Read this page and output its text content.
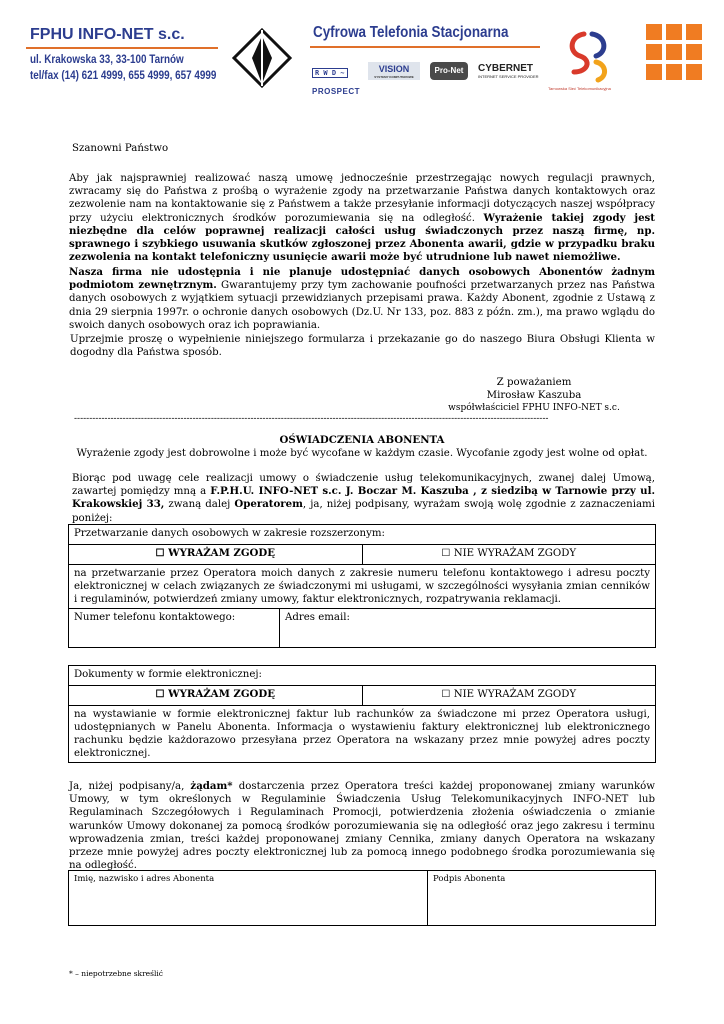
FPHU INFO-NET s.c.
ul. Krakowska 33, 33-100 Tarnów
tel/fax (14) 621 4999, 655 4999, 657 4999
Cyfrowa Telefonia Stacjonarna
R W D ~
PROSPECT
VISION
SYSTEMY KOMPUTEROWE
Pro-Net	CYBERNET
INTERNET SERVICE PROVIDER
Tarnowska Sieć Telekomunikacyjna
Szanowni Państwo
Aby jak najsprawniej realizować naszą umowę jednocześnie przestrzegając nowych regulacji prawnych, zwracamy się do Państwa z prośbą o wyrażenie zgody na przetwarzanie Państwa danych kontaktowych oraz zezwolenie nam na kontaktowanie się z Państwem a także przesyłanie informacji dotyczących naszej współpracy przy użyciu elektronicznych środków porozumiewania się na odległość. Wyrażenie takiej zgody jest niezbędne dla celów poprawnej realizacji całości usług świadczonych przez naszą firmę, np. sprawnego i szybkiego usuwania skutków zgłoszonej przez Abonenta awarii, gdzie w przypadku braku zezwolenia na kontakt telefoniczny usunięcie awarii może być utrudnione lub nawet niemożliwe.
Nasza firma nie udostępnia i nie planuje udostępniać danych osobowych Abonentów żadnym podmiotom zewnętrznym. Gwarantujemy przy tym zachowanie poufności przetwarzanych przez nas Państwa danych osobowych z wyjątkiem sytuacji przewidzianych przepisami prawa. Każdy Abonent, zgodnie z Ustawą z dnia 29 sierpnia 1997r. o ochronie danych osobowych (Dz.U. Nr 133, poz. 883 z późn. zm.), ma prawo wglądu do swoich danych osobowych oraz ich poprawiania.
Uprzejmie proszę o wypełnienie niniejszego formularza i przekazanie go do naszego Biura Obsługi Klienta w dogodny dla Państwa sposób.
Z poważaniem
Mirosław Kaszuba
współwłaściciel FPHU INFO-NET s.c.
------------------------------------------------------------------------------------------------------------------------------------------------------------
OŚWIADCZENIA ABONENTA
Wyrażenie zgody jest dobrowolne i może być wycofane w każdym czasie. Wycofanie zgody jest wolne od opłat.
Biorąc pod uwagę cele realizacji umowy o świadczenie usług telekomunikacyjnych, zwanej dalej Umową, zawartej pomiędzy mną a F.P.H.U. INFO-NET s.c. J. Boczar M. Kaszuba , z siedzibą w Tarnowie przy ul. Krakowskiej 33, zwaną dalej Operatorem, ja, niżej podpisany, wyrażam swoją wolę zgodnie z zaznaczeniami poniżej:
Przetwarzanie danych osobowych w zakresie rozszerzonym:
☐ WYRAŻAM ZGODĘ	☐ NIE WYRAŻAM ZGODY
na przetwarzanie przez Operatora moich danych z zakresie numeru telefonu kontaktowego i adresu poczty elektronicznej w celach związanych ze świadczonymi mi usługami, w szczególności wysyłania zmian cenników i regulaminów, potwierdzeń zmiany umowy, faktur elektronicznych, rozpatrywania reklamacji.

Numer telefonu kontaktowego:	Adres email:
Dokumenty w formie elektronicznej:
☐ WYRAŻAM ZGODĘ	☐ NIE WYRAŻAM ZGODY
na wystawianie w formie elektronicznej faktur lub rachunków za świadczone mi przez Operatora usługi, udostępnianych w Panelu Abonenta. Informacja o wystawieniu faktury elektronicznej lub elektronicznego rachunku będzie każdorazowo przesyłana przez Operatora na wskazany przez mnie powyżej adres poczty elektronicznej.
Ja, niżej podpisany/a, żądam* dostarczenia przez Operatora treści każdej proponowanej zmiany warunków Umowy, w tym określonych w Regulaminie Świadczenia Usług Telekomunikacyjnych INFO-NET lub Regulaminach Szczegółowych i Regulaminach Promocji, potwierdzenia złożenia oświadczenia o zmianie warunków Umowy dokonanej za pomocą środków porozumiewania się na odległość oraz jego zakresu i terminu wprowadzenia zmian, treści każdej proponowanej zmiany Cennika, zmiany danych Operatora na wskazany przeze mnie powyżej adres poczty elektronicznej lub za pomocą innego podobnego środka porozumiewania się na odległość.
Imię, nazwisko i adres Abonenta	Podpis Abonenta
* – niepotrzebne skreślić
